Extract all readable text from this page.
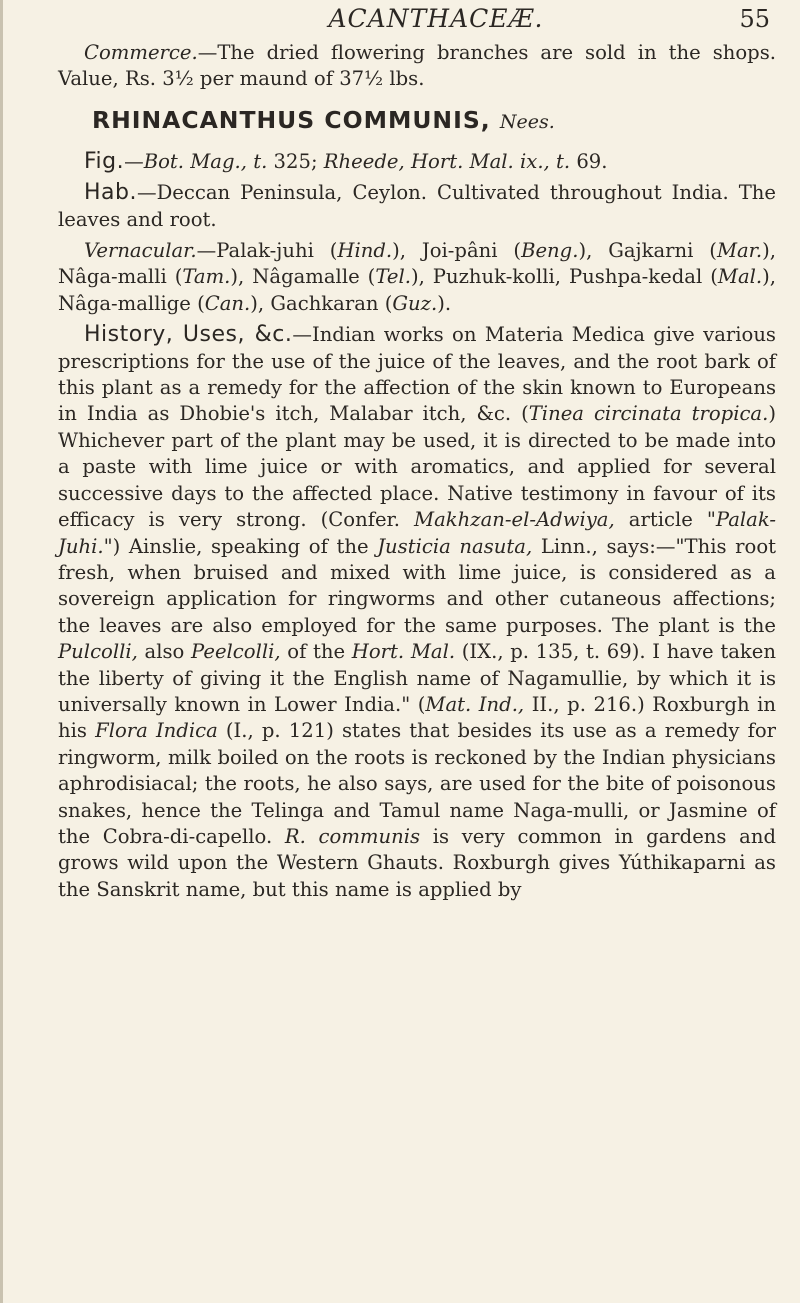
ACANTHACEÆ.	55

Commerce.—The dried flowering branches are sold in the shops. Value, Rs. 3½ per maund of 37½ lbs.

RHINACANTHUS COMMUNIS, Nees.

Fig.—Bot. Mag., t. 325; Rheede, Hort. Mal. ix., t. 69.

Hab.—Deccan Peninsula, Ceylon. Cultivated throughout India. The leaves and root.

Vernacular.—Palak-juhi (Hind.), Joi-pâni (Beng.), Gajkarni (Mar.), Nâga-malli (Tam.), Nâgamalle (Tel.), Puzhuk-kolli, Pushpa-kedal (Mal.), Nâga-mallige (Can.), Gachkaran (Guz.).

History, Uses, &c.—Indian works on Materia Medica give various prescriptions for the use of the juice of the leaves, and the root bark of this plant as a remedy for the affection of the skin known to Europeans in India as Dhobie's itch, Malabar itch, &c. (Tinea circinata tropica.) Whichever part of the plant may be used, it is directed to be made into a paste with lime juice or with aromatics, and applied for several successive days to the affected place. Native testimony in favour of its efficacy is very strong. (Confer. Makhzan-el-Adwiya, article "Palak-Juhi.") Ainslie, speaking of the Justicia nasuta, Linn., says:—"This root fresh, when bruised and mixed with lime juice, is considered as a sovereign application for ringworms and other cutaneous affections; the leaves are also employed for the same purposes. The plant is the Pulcolli, also Peelcolli, of the Hort. Mal. (IX., p. 135, t. 69). I have taken the liberty of giving it the English name of Nagamullie, by which it is universally known in Lower India." (Mat. Ind., II., p. 216.) Roxburgh in his Flora Indica (I., p. 121) states that besides its use as a remedy for ringworm, milk boiled on the roots is reckoned by the Indian physicians aphrodisiacal; the roots, he also says, are used for the bite of poisonous snakes, hence the Telinga and Tamul name Naga-mulli, or Jasmine of the Cobra-di-capello. R. communis is very common in gardens and grows wild upon the Western Ghauts. Roxburgh gives Yúthikaparni as the Sanskrit name, but this name is applied by
